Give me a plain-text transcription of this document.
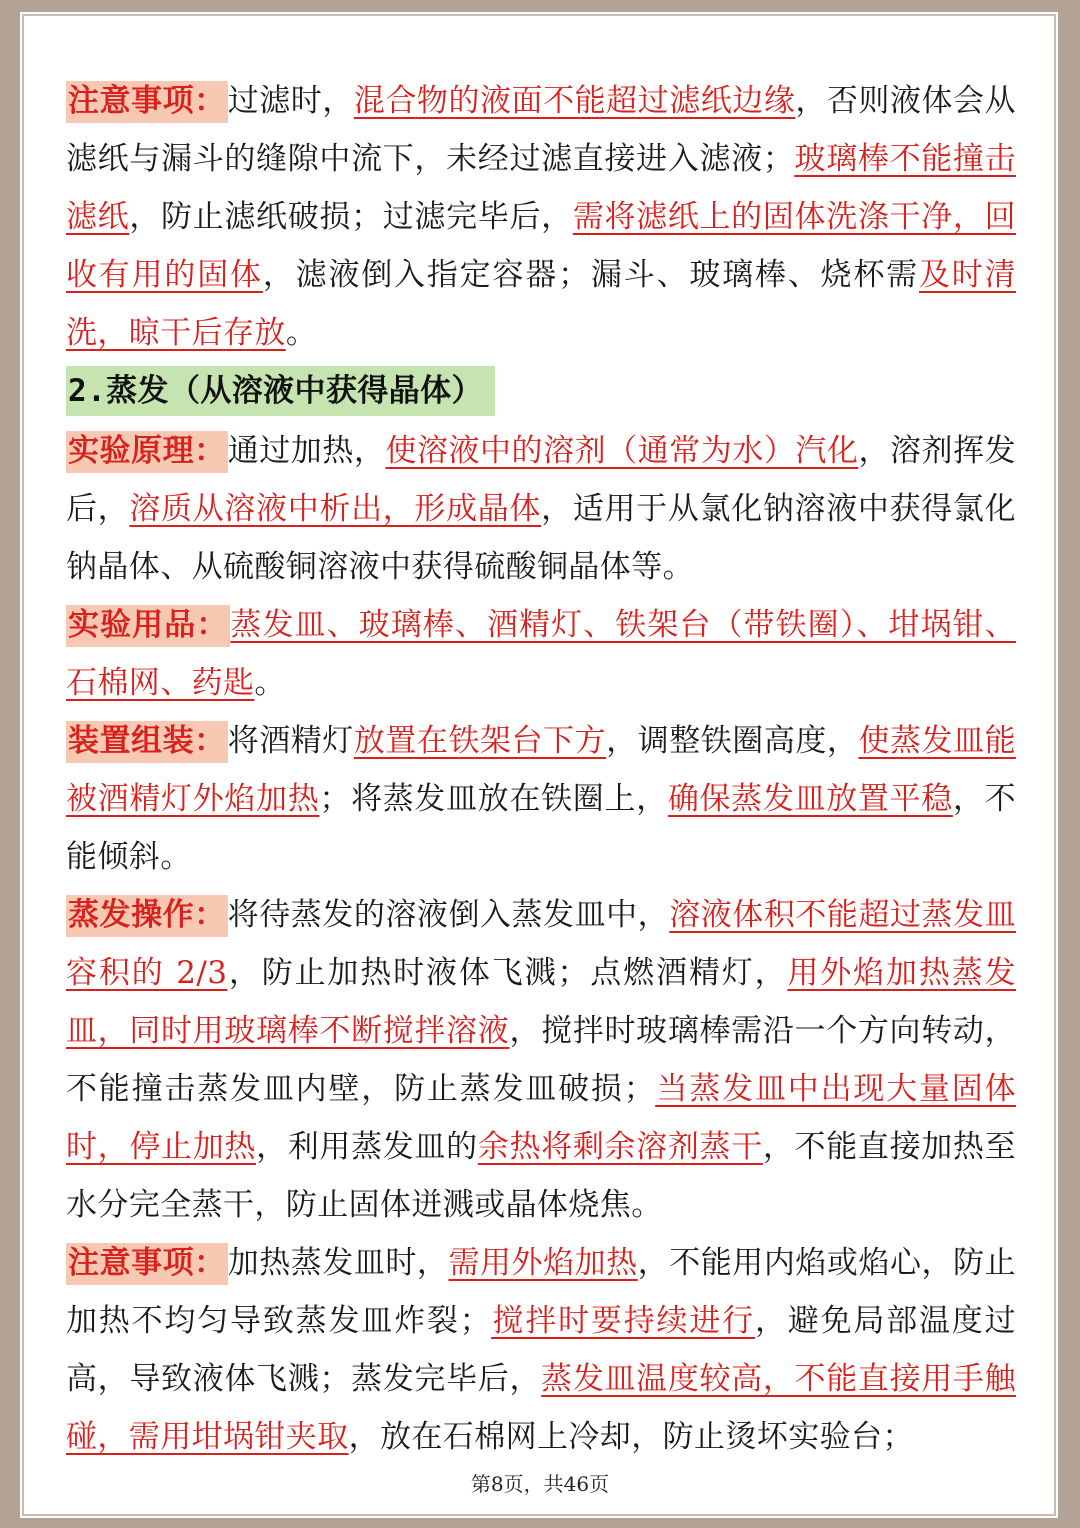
注意事项：过滤时，混合物的液面不能超过滤纸边缘，否则液体会从滤纸与漏斗的缝隙中流下，未经过滤直接进入滤液；玻璃棒不能撞击滤纸，防止滤纸破损；过滤完毕后，需将滤纸上的固体洗涤干净，回收有用的固体，滤液倒入指定容器；漏斗、玻璃棒、烧杯需及时清洗，晾干后存放。

2.蒸发（从溶液中获得晶体）

实验原理：通过加热，使溶液中的溶剂（通常为水）汽化，溶剂挥发后，溶质从溶液中析出，形成晶体，适用于从氯化钠溶液中获得氯化钠晶体、从硫酸铜溶液中获得硫酸铜晶体等。

实验用品：蒸发皿、玻璃棒、酒精灯、铁架台（带铁圈）、坩埚钳、石棉网、药匙。

装置组装：将酒精灯放置在铁架台下方，调整铁圈高度，使蒸发皿能被酒精灯外焰加热；将蒸发皿放在铁圈上，确保蒸发皿放置平稳，不能倾斜。

蒸发操作：将待蒸发的溶液倒入蒸发皿中，溶液体积不能超过蒸发皿容积的 2/3，防止加热时液体飞溅；点燃酒精灯，用外焰加热蒸发皿，同时用玻璃棒不断搅拌溶液，搅拌时玻璃棒需沿一个方向转动，不能撞击蒸发皿内壁，防止蒸发皿破损；当蒸发皿中出现大量固体时，停止加热，利用蒸发皿的余热将剩余溶剂蒸干，不能直接加热至水分完全蒸干，防止固体迸溅或晶体烧焦。

注意事项：加热蒸发皿时，需用外焰加热，不能用内焰或焰心，防止加热不均匀导致蒸发皿炸裂；搅拌时要持续进行，避免局部温度过高，导致液体飞溅；蒸发完毕后，蒸发皿温度较高，不能直接用手触碰，需用坩埚钳夹取，放在石棉网上冷却，防止烫坏实验台；

第8页，共46页
